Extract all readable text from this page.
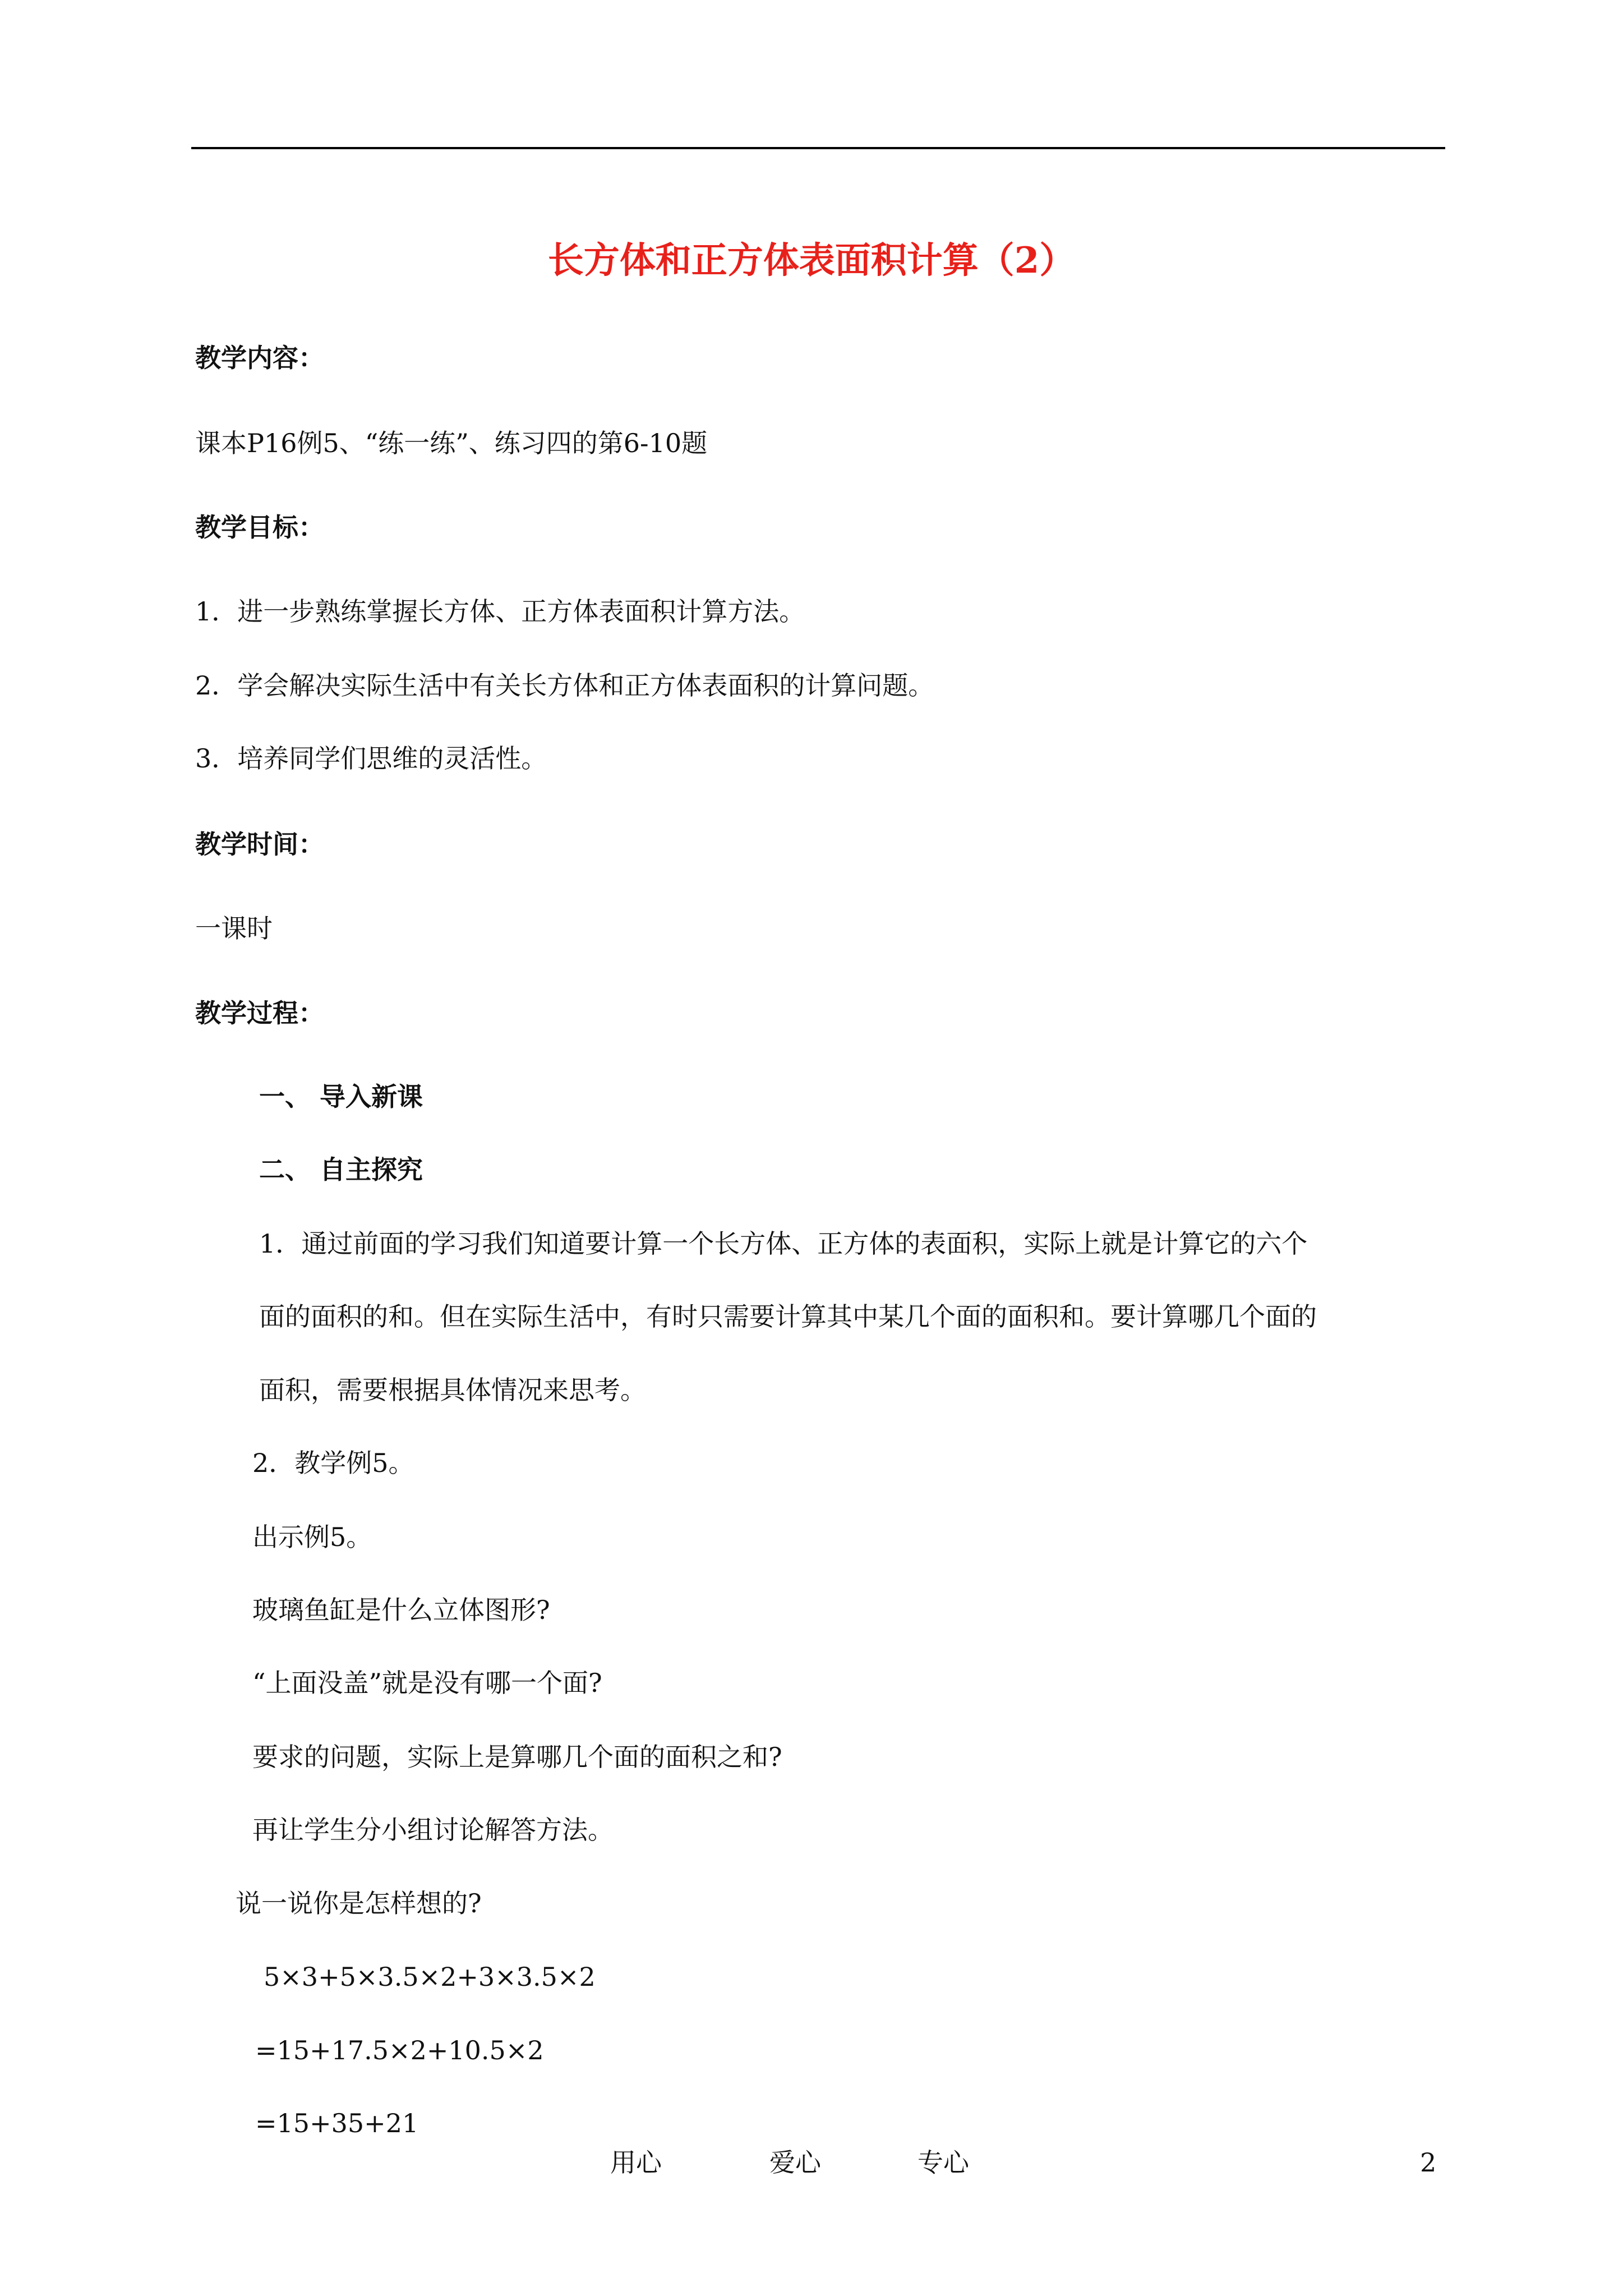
长方体和正方体表面积计算（2）
教学内容：
课本P16例5、“练一练”、练习四的第6-10题
教学目标：
1．进一步熟练掌握长方体、正方体表面积计算方法。
2．学会解决实际生活中有关长方体和正方体表面积的计算问题。
3．培养同学们思维的灵活性。
教学时间：
一课时
教学过程：
一、 导入新课
二、 自主探究
1．通过前面的学习我们知道要计算一个长方体、正方体的表面积，实际上就是计算它的六个
面的面积的和。但在实际生活中，有时只需要计算其中某几个面的面积和。要计算哪几个面的
面积，需要根据具体情况来思考。
2．教学例5。
出示例5。
玻璃鱼缸是什么立体图形?
“上面没盖”就是没有哪一个面?
要求的问题，实际上是算哪几个面的面积之和?
再让学生分小组讨论解答方法。
说一说你是怎样想的?
5×3+5×3.5×2+3×3.5×2
=15+17.5×2+10.5×2
=15+35+21
用心	爱心	专心	2
